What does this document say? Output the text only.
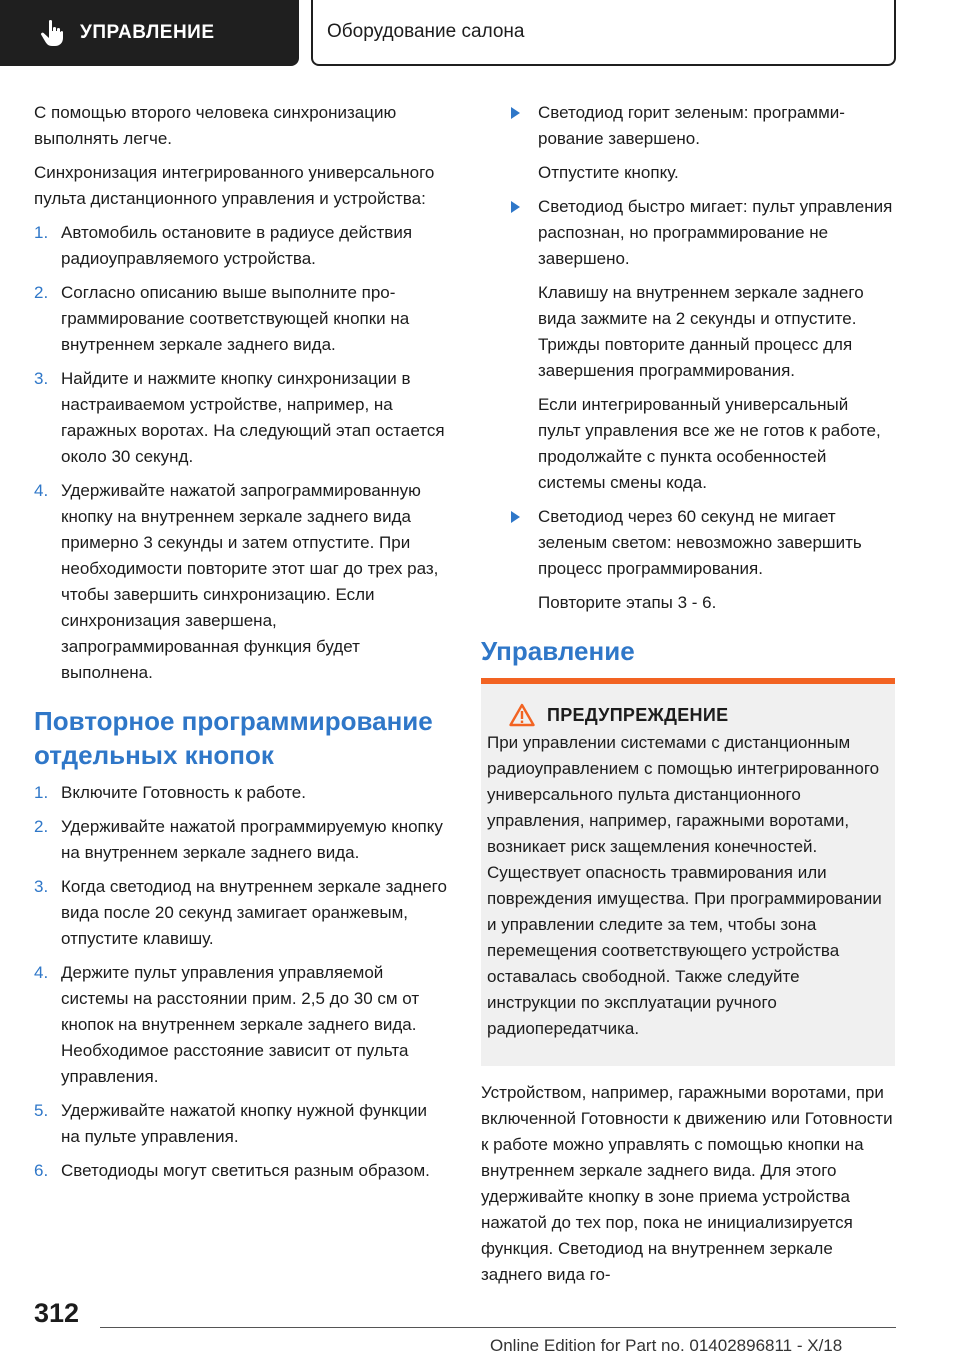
УПРАВЛЕНИЕ	Оборудование салона

С помощью второго человека синхронизацию выполнять легче.

Синхронизация интегрированного универсального пульта дистанционного управления и устройства:

1. Автомобиль остановите в радиусе действия радиоуправляемого устройства.
2. Согласно описанию выше выполните программирование соответствующей кнопки на внутреннем зеркале заднего вида.
3. Найдите и нажмите кнопку синхронизации в настраиваемом устройстве, например, на гаражных воротах. На следующий этап остается около 30 секунд.
4. Удерживайте нажатой запрограммированную кнопку на внутреннем зеркале заднего вида примерно 3 секунды и затем отпустите. При необходимости повторите этот шаг до трех раз, чтобы завершить синхронизацию. Если синхронизация завершена, запрограммированная функция будет выполнена.
Повторное программирование отдельных кнопок
1. Включите Готовность к работе.
2. Удерживайте нажатой программируемую кнопку на внутреннем зеркале заднего вида.
3. Когда светодиод на внутреннем зеркале заднего вида после 20 секунд замигает оранжевым, отпустите клавишу.
4. Держите пульт управления управляемой системы на расстоянии прим. 2,5 до 30 см от кнопок на внутреннем зеркале заднего вида. Необходимое расстояние зависит от пульта управления.
5. Удерживайте нажатой кнопку нужной функции на пульте управления.
6. Светодиоды могут светиться разным образом.
Светодиод горит зеленым: программирование завершено.

Отпустите кнопку.

Светодиод быстро мигает: пульт управления распознан, но программирование не завершено.

Клавишу на внутреннем зеркале заднего вида зажмите на 2 секунды и отпустите. Трижды повторите данный процесс для завершения программирования.

Если интегрированный универсальный пульт управления все же не готов к работе, продолжайте с пункта особенностей системы смены кода.

Светодиод через 60 секунд не мигает зеленым светом: невозможно завершить процесс программирования.

Повторите этапы 3 - 6.

Управление
ПРЕДУПРЕЖДЕНИЕ

При управлении системами с дистанционным радиоуправлением с помощью интегрированного универсального пульта дистанционного управления, например, гаражными воротами, возникает риск защемления конечностей. Существует опасность травмирования или повреждения имущества. При программировании и управлении следите за тем, чтобы зона перемещения соответствующего устройства оставалась свободной. Также следуйте инструкции по эксплуатации ручного радиопередатчика.

Устройством, например, гаражными воротами, при включенной Готовности к движению или Готовности к работе можно управлять с помощью кнопки на внутреннем зеркале заднего вида. Для этого удерживайте кнопку в зоне приема устройства нажатой до тех пор, пока не инициализируется функция. Светодиод на внутреннем зеркале заднего вида го-

312
Online Edition for Part no. 01402896811 - X/18
